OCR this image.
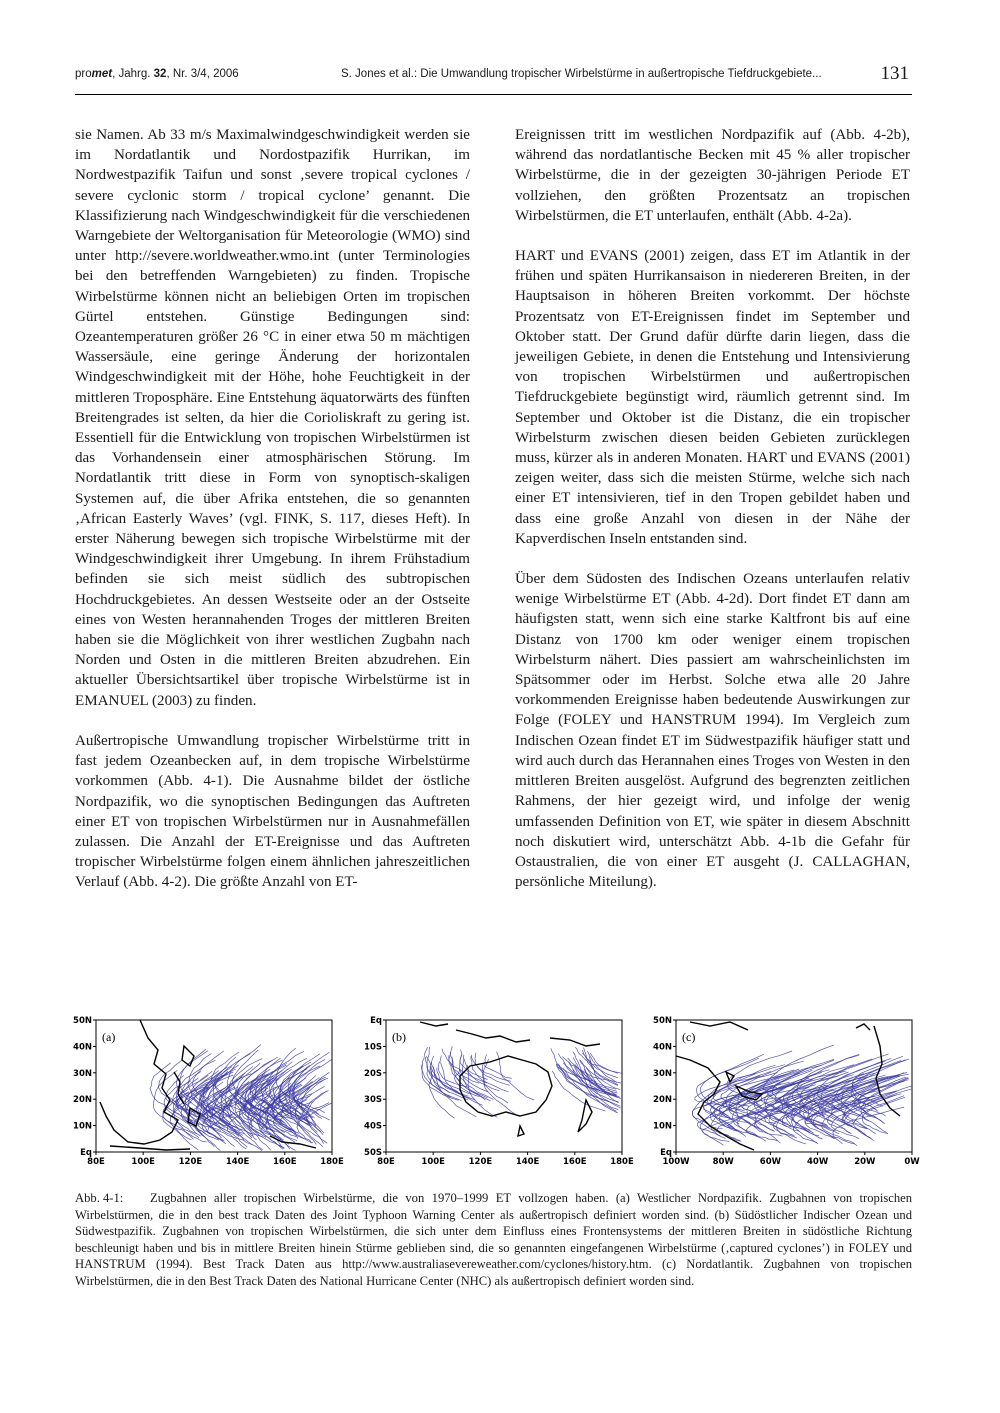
promet, Jahrg. 32, Nr. 3/4, 2006	S. Jones et al.: Die Umwandlung tropischer Wirbelstürme in außertropische Tiefdruckgebiete...	131

sie Namen. Ab 33 m/s Maximalwindgeschwindigkeit werden sie im Nordatlantik und Nordostpazifik Hurrikan, im Nordwestpazifik Taifun und sonst ‚severe tropical cyclones / severe cyclonic storm / tropical cyclone’ genannt. Die Klassifizierung nach Windgeschwindigkeit für die verschiedenen Warngebiete der Weltorganisation für Meteorologie (WMO) sind unter http://severe.worldweather.wmo.int (unter Terminologies bei den betreffenden Warngebieten) zu finden. Tropische Wirbelstürme können nicht an beliebigen Orten im tropischen Gürtel entstehen. Günstige Bedingungen sind: Ozeantemperaturen größer 26 °C in einer etwa 50 m mächtigen Wassersäule, eine geringe Änderung der horizontalen Windgeschwindigkeit mit der Höhe, hohe Feuchtigkeit in der mittleren Troposphäre. Eine Entstehung äquatorwärts des fünften Breitengrades ist selten, da hier die Corioliskraft zu gering ist. Essentiell für die Entwicklung von tropischen Wirbelstürmen ist das Vorhandensein einer atmosphärischen Störung. Im Nordatlantik tritt diese in Form von synoptisch-skaligen Systemen auf, die über Afrika entstehen, die so genannten ‚African Easterly Waves’ (vgl. FINK, S. 117, dieses Heft). In erster Näherung bewegen sich tropische Wirbelstürme mit der Windgeschwindigkeit ihrer Umgebung. In ihrem Frühstadium befinden sie sich meist südlich des subtropischen Hochdruckgebietes. An dessen Westseite oder an der Ostseite eines von Westen herannahenden Troges der mittleren Breiten haben sie die Möglichkeit von ihrer westlichen Zugbahn nach Norden und Osten in die mittleren Breiten abzudrehen. Ein aktueller Übersichtsartikel über tropische Wirbelstürme ist in EMANUEL (2003) zu finden.

Außertropische Umwandlung tropischer Wirbelstürme tritt in fast jedem Ozeanbecken auf, in dem tropische Wirbelstürme vorkommen (Abb. 4-1). Die Ausnahme bildet der östliche Nordpazifik, wo die synoptischen Bedingungen das Auftreten einer ET von tropischen Wirbelstürmen nur in Ausnahmefällen zulassen. Die Anzahl der ET-Ereignisse und das Auftreten tropischer Wirbelstürme folgen einem ähnlichen jahreszeitlichen Verlauf (Abb. 4-2). Die größte Anzahl von ET-

Ereignissen tritt im westlichen Nordpazifik auf (Abb. 4-2b), während das nordatlantische Becken mit 45 % aller tropischer Wirbelstürme, die in der gezeigten 30-jährigen Periode ET vollziehen, den größten Prozentsatz an tropischen Wirbelstürmen, die ET unterlaufen, enthält (Abb. 4-2a).

HART und EVANS (2001) zeigen, dass ET im Atlantik in der frühen und späten Hurrikansaison in niedereren Breiten, in der Hauptsaison in höheren Breiten vorkommt. Der höchste Prozentsatz von ET-Ereignissen findet im September und Oktober statt. Der Grund dafür dürfte darin liegen, dass die jeweiligen Gebiete, in denen die Entstehung und Intensivierung von tropischen Wirbelstürmen und außertropischen Tiefdruckgebiete begünstigt wird, räumlich getrennt sind. Im September und Oktober ist die Distanz, die ein tropischer Wirbelsturm zwischen diesen beiden Gebieten zurücklegen muss, kürzer als in anderen Monaten. HART und EVANS (2001) zeigen weiter, dass sich die meisten Stürme, welche sich nach einer ET intensivieren, tief in den Tropen gebildet haben und dass eine große Anzahl von diesen in der Nähe der Kapverdischen Inseln entstanden sind.

Über dem Südosten des Indischen Ozeans unterlaufen relativ wenige Wirbelstürme ET (Abb. 4-2d). Dort findet ET dann am häufigsten statt, wenn sich eine starke Kaltfront bis auf eine Distanz von 1700 km oder weniger einem tropischen Wirbelsturm nähert. Dies passiert am wahrscheinlichsten im Spätsommer oder im Herbst. Solche etwa alle 20 Jahre vorkommenden Ereignisse haben bedeutende Auswirkungen zur Folge (FOLEY und HANSTRUM 1994). Im Vergleich zum Indischen Ozean findet ET im Südwestpazifik häufiger statt und wird auch durch das Herannahen eines Troges von Westen in den mittleren Breiten ausgelöst. Aufgrund des begrenzten zeitlichen Rahmens, der hier gezeigt wird, und infolge der wenig umfassenden Definition von ET, wie später in diesem Abschnitt noch diskutiert wird, unterschätzt Abb. 4-1b die Gefahr für Ostaustralien, die von einer ET ausgeht (J. CALLAGHAN, persönliche Miteilung).

50N
40N
30N
20N
10N
Eq
80E	100E	120E	140E	160E	180E
(a)
Eq
10S
20S
30S
40S
50S
80E	100E	120E	140E	160E	180E
(b)
50N
40N
30N
20N
10N
Eq
100W	80W	60W	40W	20W	0W
(c)
Abb. 4-1:	Zugbahnen aller tropischen Wirbelstürme, die von 1970–1999 ET vollzogen haben. (a) Westlicher Nordpazifik. Zugbahnen von tropischen Wirbelstürmen, die in den best track Daten des Joint Typhoon Warning Center als außertropisch definiert worden sind. (b) Südöstlicher Indischer Ozean und Südwestpazifik. Zugbahnen von tropischen Wirbelstürmen, die sich unter dem Einfluss eines Frontensystems der mittleren Breiten in südöstliche Richtung beschleunigt haben und bis in mittlere Breiten hinein Stürme geblieben sind, die so genannten eingefangenen Wirbelstürme (‚captured cyclones’) in FOLEY und HANSTRUM (1994). Best Track Daten aus http://www.australiasevereweather.com/cyclones/history.htm. (c) Nordatlantik. Zugbahnen von tropischen Wirbelstürmen, die in den Best Track Daten des National Hurricane Center (NHC) als außertropisch definiert worden sind.
